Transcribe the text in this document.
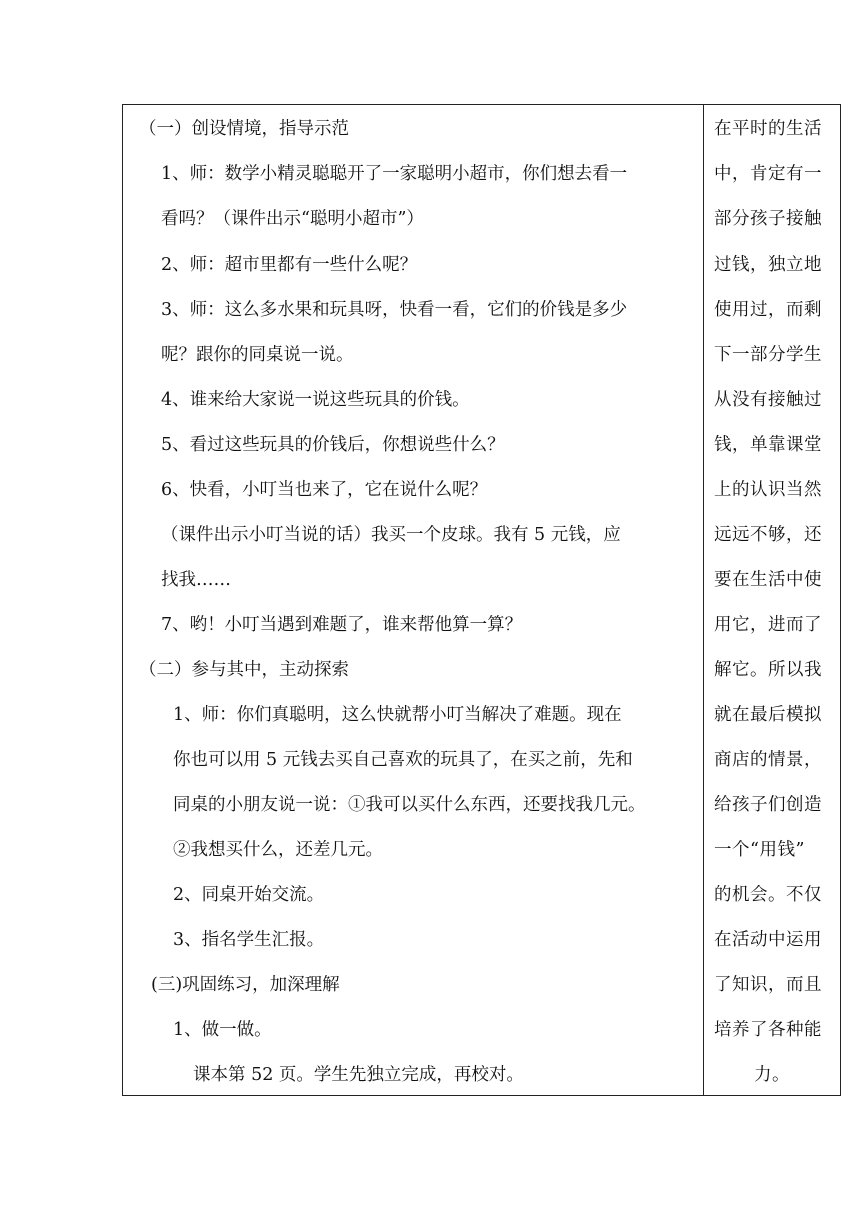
（一）创设情境，指导示范
1、师：数学小精灵聪聪开了一家聪明小超市，你们想去看一
看吗？（课件出示“聪明小超市”）
2、师：超市里都有一些什么呢？
3、师：这么多水果和玩具呀，快看一看，它们的价钱是多少
呢？跟你的同桌说一说。
4、谁来给大家说一说这些玩具的价钱。
5、看过这些玩具的价钱后，你想说些什么？
6、快看，小叮当也来了，它在说什么呢？
（课件出示小叮当说的话）我买一个皮球。我有 5 元钱，应
找我……
7、哟！小叮当遇到难题了，谁来帮他算一算？
（二）参与其中，主动探索
1、师：你们真聪明，这么快就帮小叮当解决了难题。现在
你也可以用 5 元钱去买自己喜欢的玩具了，在买之前，先和
同桌的小朋友说一说：①我可以买什么东西，还要找我几元。
②我想买什么，还差几元。
2、同桌开始交流。
3、指名学生汇报。
(三)巩固练习，加深理解
1、做一做。
课本第 52 页。学生先独立完成，再校对。
在平时的生活
中，肯定有一
部分孩子接触
过钱，独立地
使用过，而剩
下一部分学生
从没有接触过
钱，单靠课堂
上的认识当然
远远不够，还
要在生活中使
用它，进而了
解它。所以我
就在最后模拟
商店的情景，
给孩子们创造
一个“用钱”
的机会。不仅
在活动中运用
了知识，而且
培养了各种能
力。
